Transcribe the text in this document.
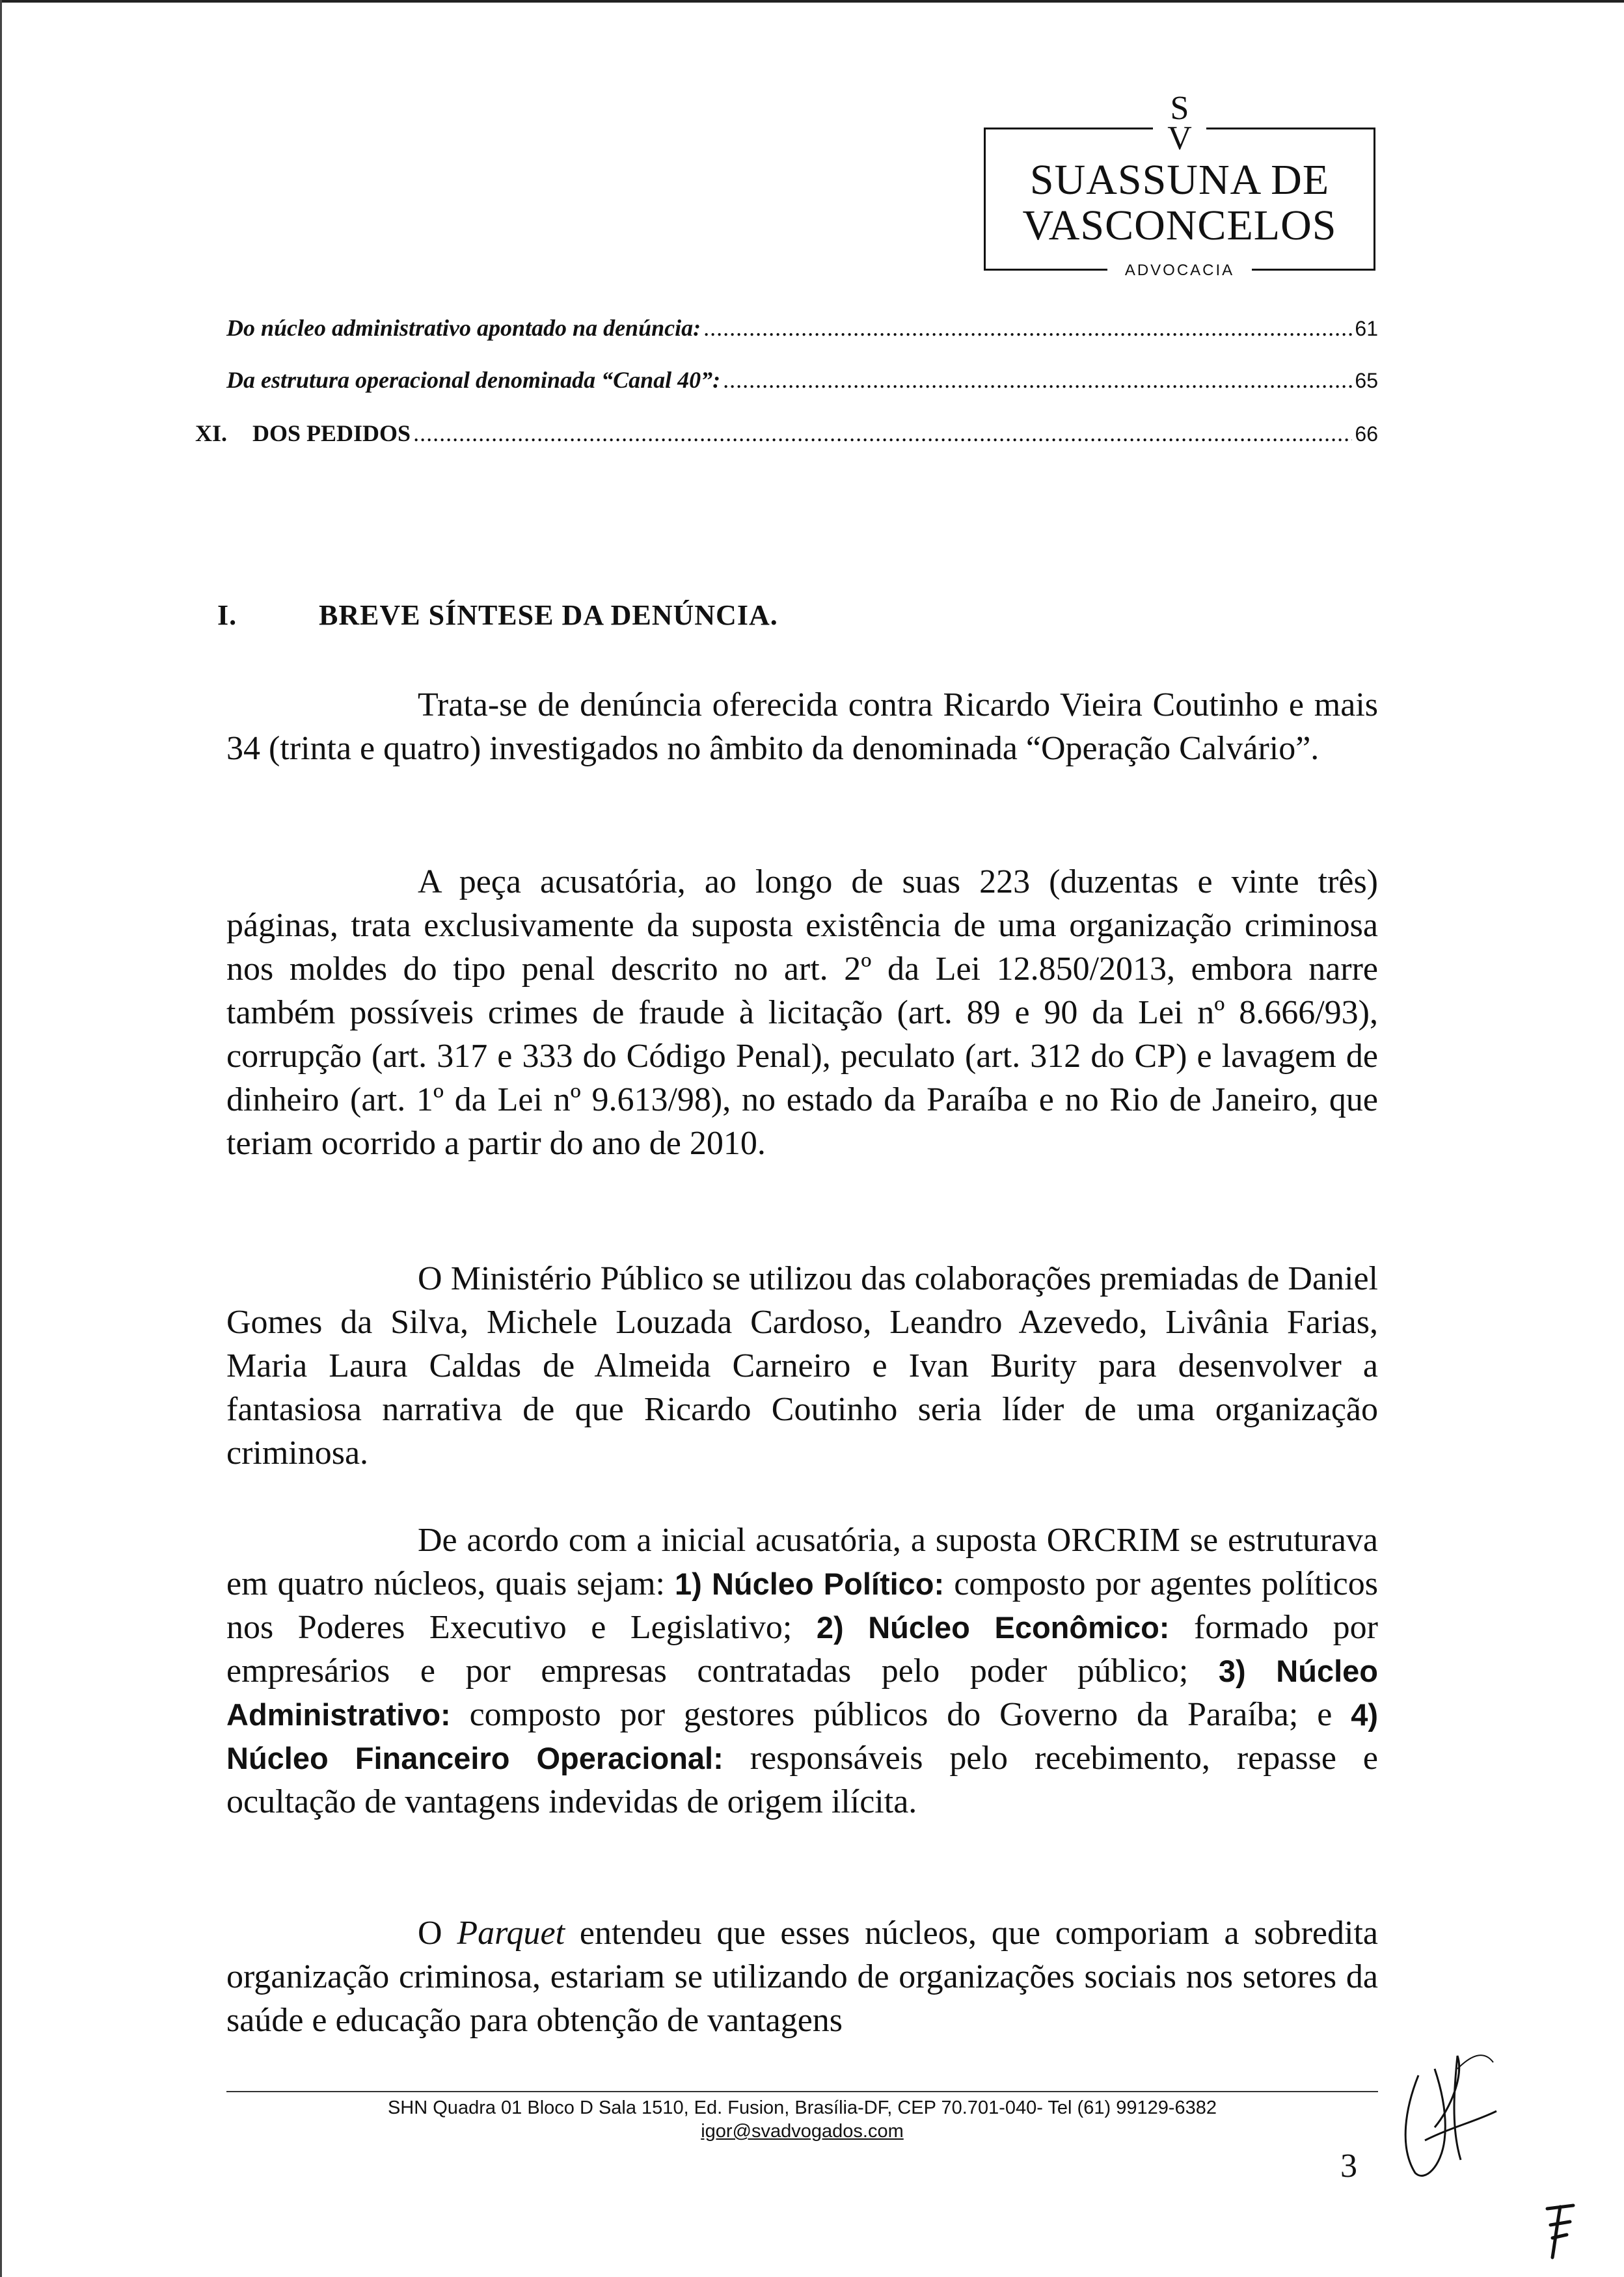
S
V
SUASSUNA DE
VASCONCELOS
ADVOCACIA
Do núcleo administrativo apontado na denúncia: .....	61
Da estrutura operacional denominada “Canal 40”: .....	65
XI.	DOS PEDIDOS .....	66
I.	BREVE SÍNTESE DA DENÚNCIA.

Trata-se de denúncia oferecida contra Ricardo Vieira Coutinho e mais 34 (trinta e quatro) investigados no âmbito da denominada “Operação Calvário”.

A peça acusatória, ao longo de suas 223 (duzentas e vinte três) páginas, trata exclusivamente da suposta existência de uma organização criminosa nos moldes do tipo penal descrito no art. 2º da Lei 12.850/2013, embora narre também possíveis crimes de fraude à licitação (art. 89 e 90 da Lei nº 8.666/93), corrupção (art. 317 e 333 do Código Penal), peculato (art. 312 do CP) e lavagem de dinheiro (art. 1º da Lei nº 9.613/98), no estado da Paraíba e no Rio de Janeiro, que teriam ocorrido a partir do ano de 2010.

O Ministério Público se utilizou das colaborações premiadas de Daniel Gomes da Silva, Michele Louzada Cardoso, Leandro Azevedo, Livânia Farias, Maria Laura Caldas de Almeida Carneiro e Ivan Burity para desenvolver a fantasiosa narrativa de que Ricardo Coutinho seria líder de uma organização criminosa.

De acordo com a inicial acusatória, a suposta ORCRIM se estruturava em quatro núcleos, quais sejam: 1) Núcleo Político: composto por agentes políticos nos Poderes Executivo e Legislativo; 2) Núcleo Econômico: formado por empresários e por empresas contratadas pelo poder público; 3) Núcleo Administrativo: composto por gestores públicos do Governo da Paraíba; e 4) Núcleo Financeiro Operacional: responsáveis pelo recebimento, repasse e ocultação de vantagens indevidas de origem ilícita.

O Parquet entendeu que esses núcleos, que comporiam a sobredita organização criminosa, estariam se utilizando de organizações sociais nos setores da saúde e educação para obtenção de vantagens

SHN Quadra 01 Bloco D Sala 1510, Ed. Fusion, Brasília-DF, CEP 70.701-040- Tel (61) 99129-6382
igor@svadvogados.com
3
